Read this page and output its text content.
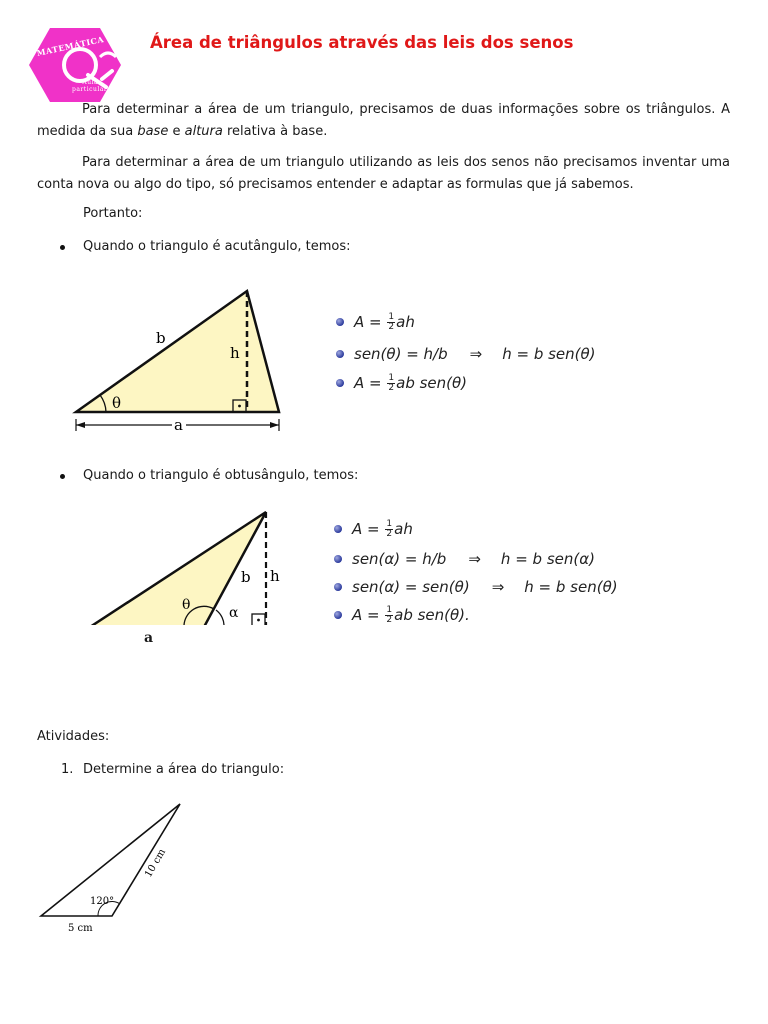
MATEMÁTICA
Aulas particulares
Área de triângulos através das leis dos senos
Para determinar a área de um triangulo, precisamos de duas informações sobre os triângulos. A medida da sua base e altura relativa à base.
Para determinar a área de um triangulo utilizando as leis dos senos não precisamos inventar uma conta nova ou algo do tipo, só precisamos entender e adaptar as formulas que já sabemos.
Portanto:
Quando o triangulo é acutângulo, temos:
b
h
θ
a
$A = \frac{1}{2}$ ah
sen(θ) = h/b ⇒ h = b sen(θ)
$A = \frac{1}{2}$ ab sen(θ)
Quando o triangulo é obtusângulo, temos:
b h
θ	α
a
$A = \frac{1}{2}$ ah
sen(α) = h/b ⇒ h = b sen(α)
sen(α) = sen(θ) ⇒ h = b sen(θ)
$A = \frac{1}{2}$ ab sen(θ).
Atividades:
1. Determine a área do triangulo:
10 cm
120°
5 cm
